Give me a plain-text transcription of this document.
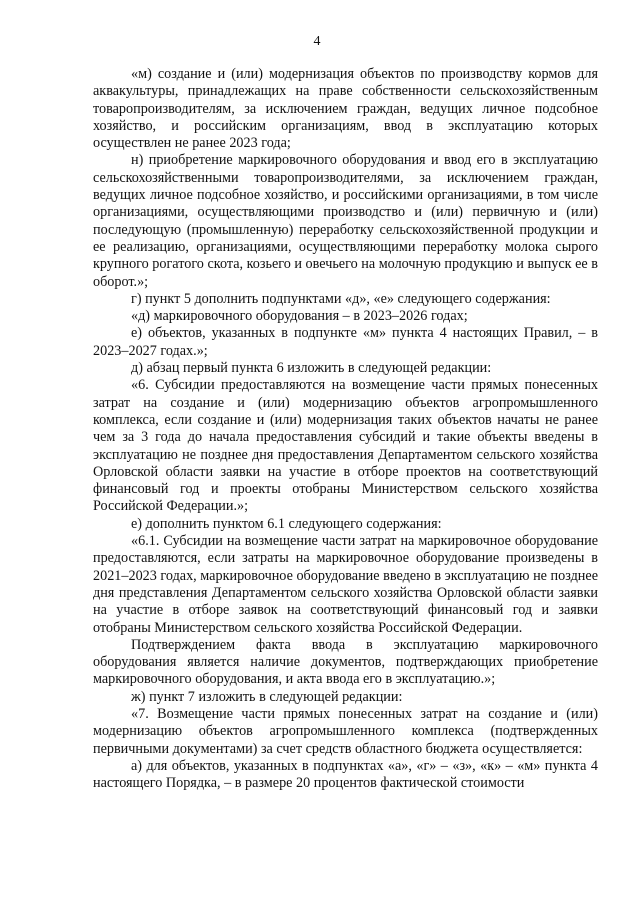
4

«м) создание и (или) модернизация объектов по производству кормов для аквакультуры, принадлежащих на праве собственности сельскохозяйственным товаропроизводителям, за исключением граждан, ведущих личное подсобное хозяйство, и российским организациям, ввод в эксплуатацию которых осуществлен не ранее 2023 года;

н) приобретение маркировочного оборудования и ввод его в эксплуатацию сельскохозяйственными товаропроизводителями, за исключением граждан, ведущих личное подсобное хозяйство, и российскими организациями, в том числе организациями, осуществляющими производство и (или) первичную и (или) последующую (промышленную) переработку сельскохозяйственной продукции и ее реализацию, организациями, осуществляющими переработку молока сырого крупного рогатого скота, козьего и овечьего на молочную продукцию и выпуск ее в оборот.»;

г) пункт 5 дополнить подпунктами «д», «е» следующего содержания:

«д) маркировочного оборудования – в 2023–2026 годах;

е) объектов, указанных в подпункте «м» пункта 4 настоящих Правил, – в 2023–2027 годах.»;

д) абзац первый пункта 6 изложить в следующей редакции:

«6. Субсидии предоставляются на возмещение части прямых понесенных затрат на создание и (или) модернизацию объектов агропромышленного комплекса, если создание и (или) модернизация таких объектов начаты не ранее чем за 3 года до начала предоставления субсидий и такие объекты введены в эксплуатацию не позднее дня предоставления Департаментом сельского хозяйства Орловской области заявки на участие в отборе проектов на соответствующий финансовый год и проекты отобраны Министерством сельского хозяйства Российской Федерации.»;

е) дополнить пунктом 6.1 следующего содержания:

«6.1. Субсидии на возмещение части затрат на маркировочное оборудование предоставляются, если затраты на маркировочное оборудование произведены в 2021–2023 годах, маркировочное оборудование введено в эксплуатацию не позднее дня представления Департаментом сельского хозяйства Орловской области заявки на участие в отборе заявок на соответствующий финансовый год и заявки отобраны Министерством сельского хозяйства Российской Федерации.

Подтверждением факта ввода в эксплуатацию маркировочного оборудования является наличие документов, подтверждающих приобретение маркировочного оборудования, и акта ввода его в эксплуатацию.»;

ж) пункт 7 изложить в следующей редакции:

«7. Возмещение части прямых понесенных затрат на создание и (или) модернизацию объектов агропромышленного комплекса (подтвержденных первичными документами) за счет средств областного бюджета осуществляется:

а) для объектов, указанных в подпунктах «а», «г» – «з», «к» – «м» пункта 4 настоящего Порядка, – в размере 20 процентов фактической стоимости
